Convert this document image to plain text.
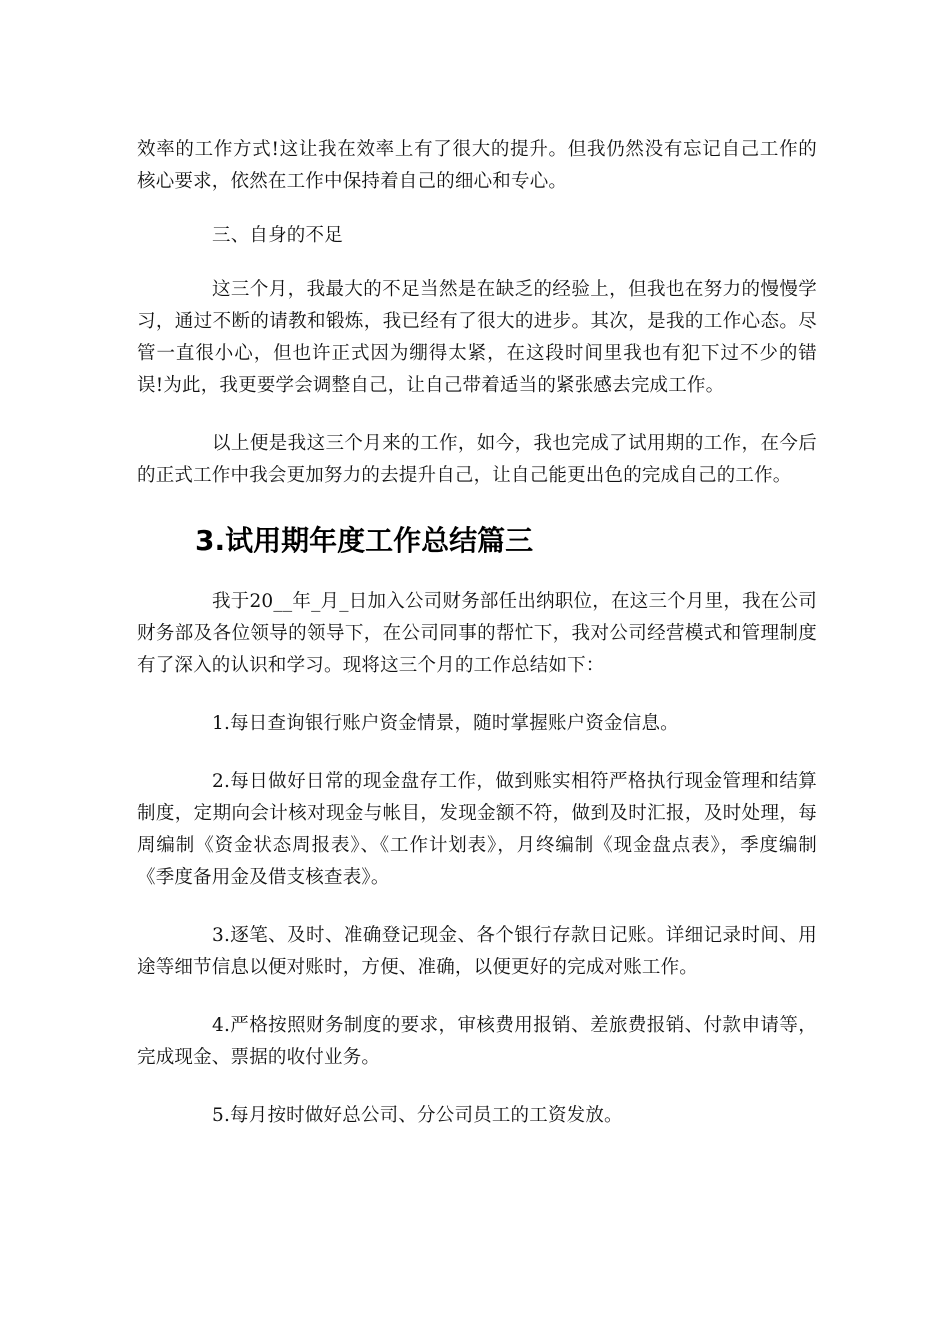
效率的工作方式!这让我在效率上有了很大的提升。但我仍然没有忘记自己工作的核心要求，依然在工作中保持着自己的细心和专心。

三、自身的不足

这三个月，我最大的不足当然是在缺乏的经验上，但我也在努力的慢慢学习，通过不断的请教和锻炼，我已经有了很大的进步。其次，是我的工作心态。尽管一直很小心，但也许正式因为绷得太紧，在这段时间里我也有犯下过不少的错误!为此，我更要学会调整自己，让自己带着适当的紧张感去完成工作。

以上便是我这三个月来的工作，如今，我也完成了试用期的工作，在今后的正式工作中我会更加努力的去提升自己，让自己能更出色的完成自己的工作。

3.试用期年度工作总结篇三

我于20__年_月_日加入公司财务部任出纳职位，在这三个月里，我在公司财务部及各位领导的领导下，在公司同事的帮忙下，我对公司经营模式和管理制度有了深入的认识和学习。现将这三个月的工作总结如下：

1.每日查询银行账户资金情景，随时掌握账户资金信息。

2.每日做好日常的现金盘存工作，做到账实相符严格执行现金管理和结算制度，定期向会计核对现金与帐目，发现金额不符，做到及时汇报，及时处理，每周编制《资金状态周报表》、《工作计划表》，月终编制《现金盘点表》，季度编制《季度备用金及借支核查表》。

3.逐笔、及时、准确登记现金、各个银行存款日记账。详细记录时间、用途等细节信息以便对账时，方便、准确，以便更好的完成对账工作。

4.严格按照财务制度的要求，审核费用报销、差旅费报销、付款申请等，完成现金、票据的收付业务。

5.每月按时做好总公司、分公司员工的工资发放。
